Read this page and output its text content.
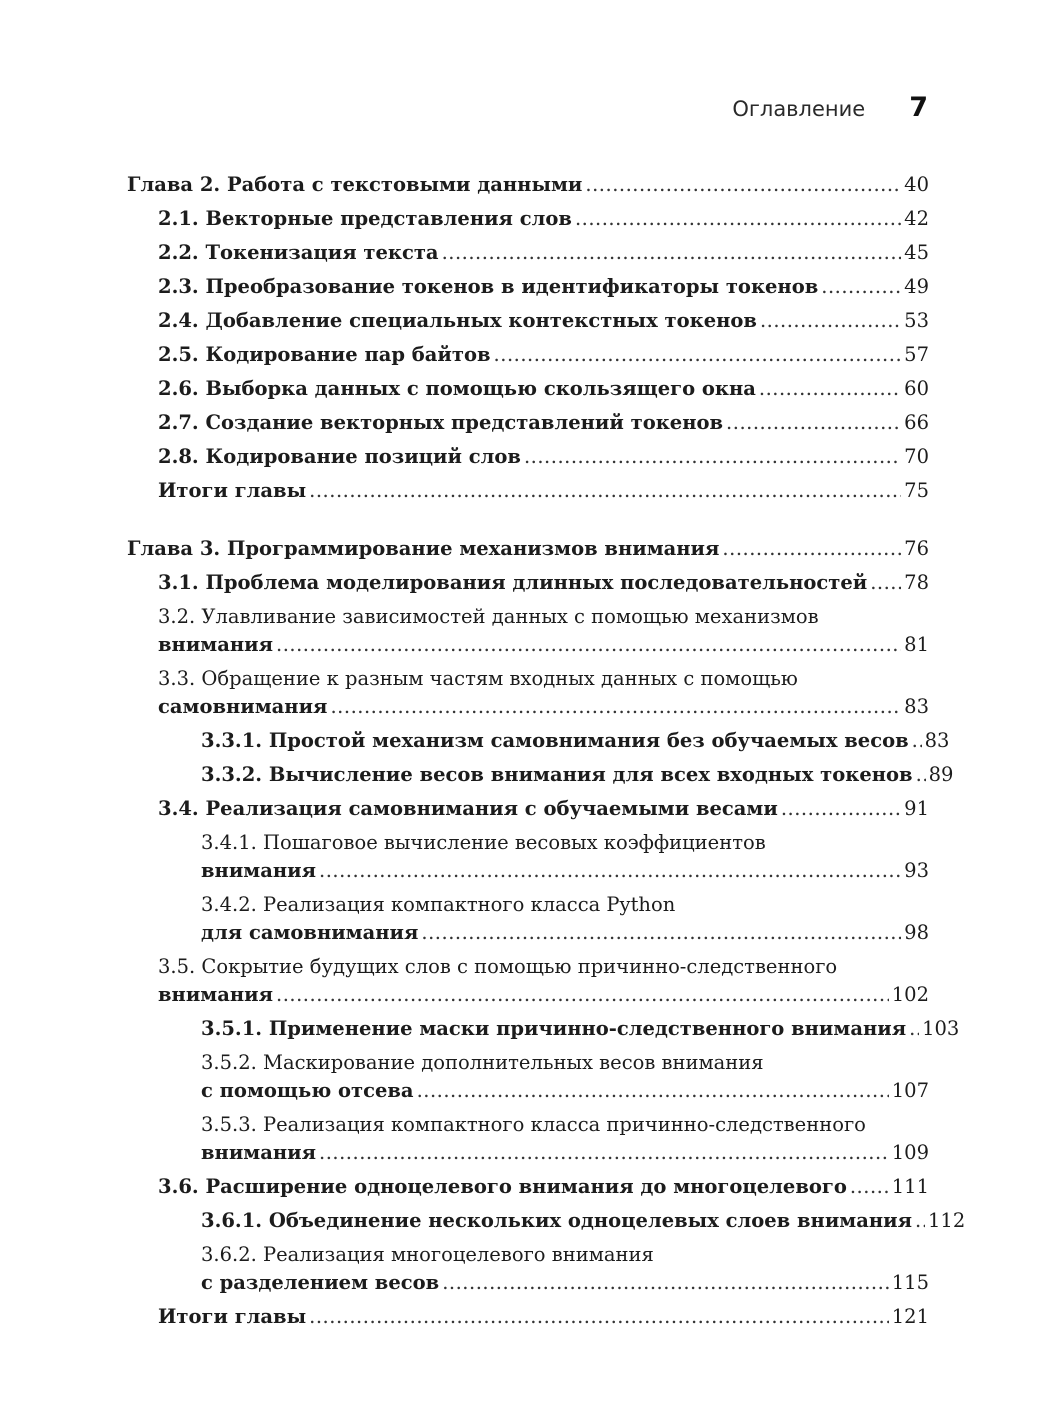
Оглавление 7
Глава 2. Работа с текстовыми данными .....	40
2.1. Векторные представления слов .....	42
2.2. Токенизация текста .....	45
2.3. Преобразование токенов в идентификаторы токенов .....	49
2.4. Добавление специальных контекстных токенов .....	53
2.5. Кодирование пар байтов .....	57
2.6. Выборка данных с помощью скользящего окна .....	60
2.7. Создание векторных представлений токенов .....	66
2.8. Кодирование позиций слов .....	70
Итоги главы .....	75
Глава 3. Программирование механизмов внимания .....	76
3.1. Проблема моделирования длинных последовательностей ..... 78
3.2. Улавливание зависимостей данных с помощью механизмов
внимания .....	81
3.3. Обращение к разным частям входных данных с помощью
самовнимания .....	83
3.3.1. Простой механизм самовнимания без обучаемых весов ..... 83
3.3.2. Вычисление весов внимания для всех входных токенов ..... 89
3.4. Реализация самовнимания с обучаемыми весами .....	91
3.4.1. Пошаговое вычисление весовых коэффициентов
внимания .....	93
3.4.2. Реализация компактного класса Python
для самовнимания .....	98
3.5. Сокрытие будущих слов с помощью причинно-следственного
внимания .....	102
3.5.1. Применение маски причинно-следственного внимания ..... 103
3.5.2. Маскирование дополнительных весов внимания
с помощью отсева .....	107
3.5.3. Реализация компактного класса причинно-следственного
внимания .....	109
3.6. Расширение одноцелевого внимания до многоцелевого ..... 111
3.6.1. Объединение нескольких одноцелевых слоев внимания ..... 112
3.6.2. Реализация многоцелевого внимания
с разделением весов .....	115
Итоги главы .....	121
